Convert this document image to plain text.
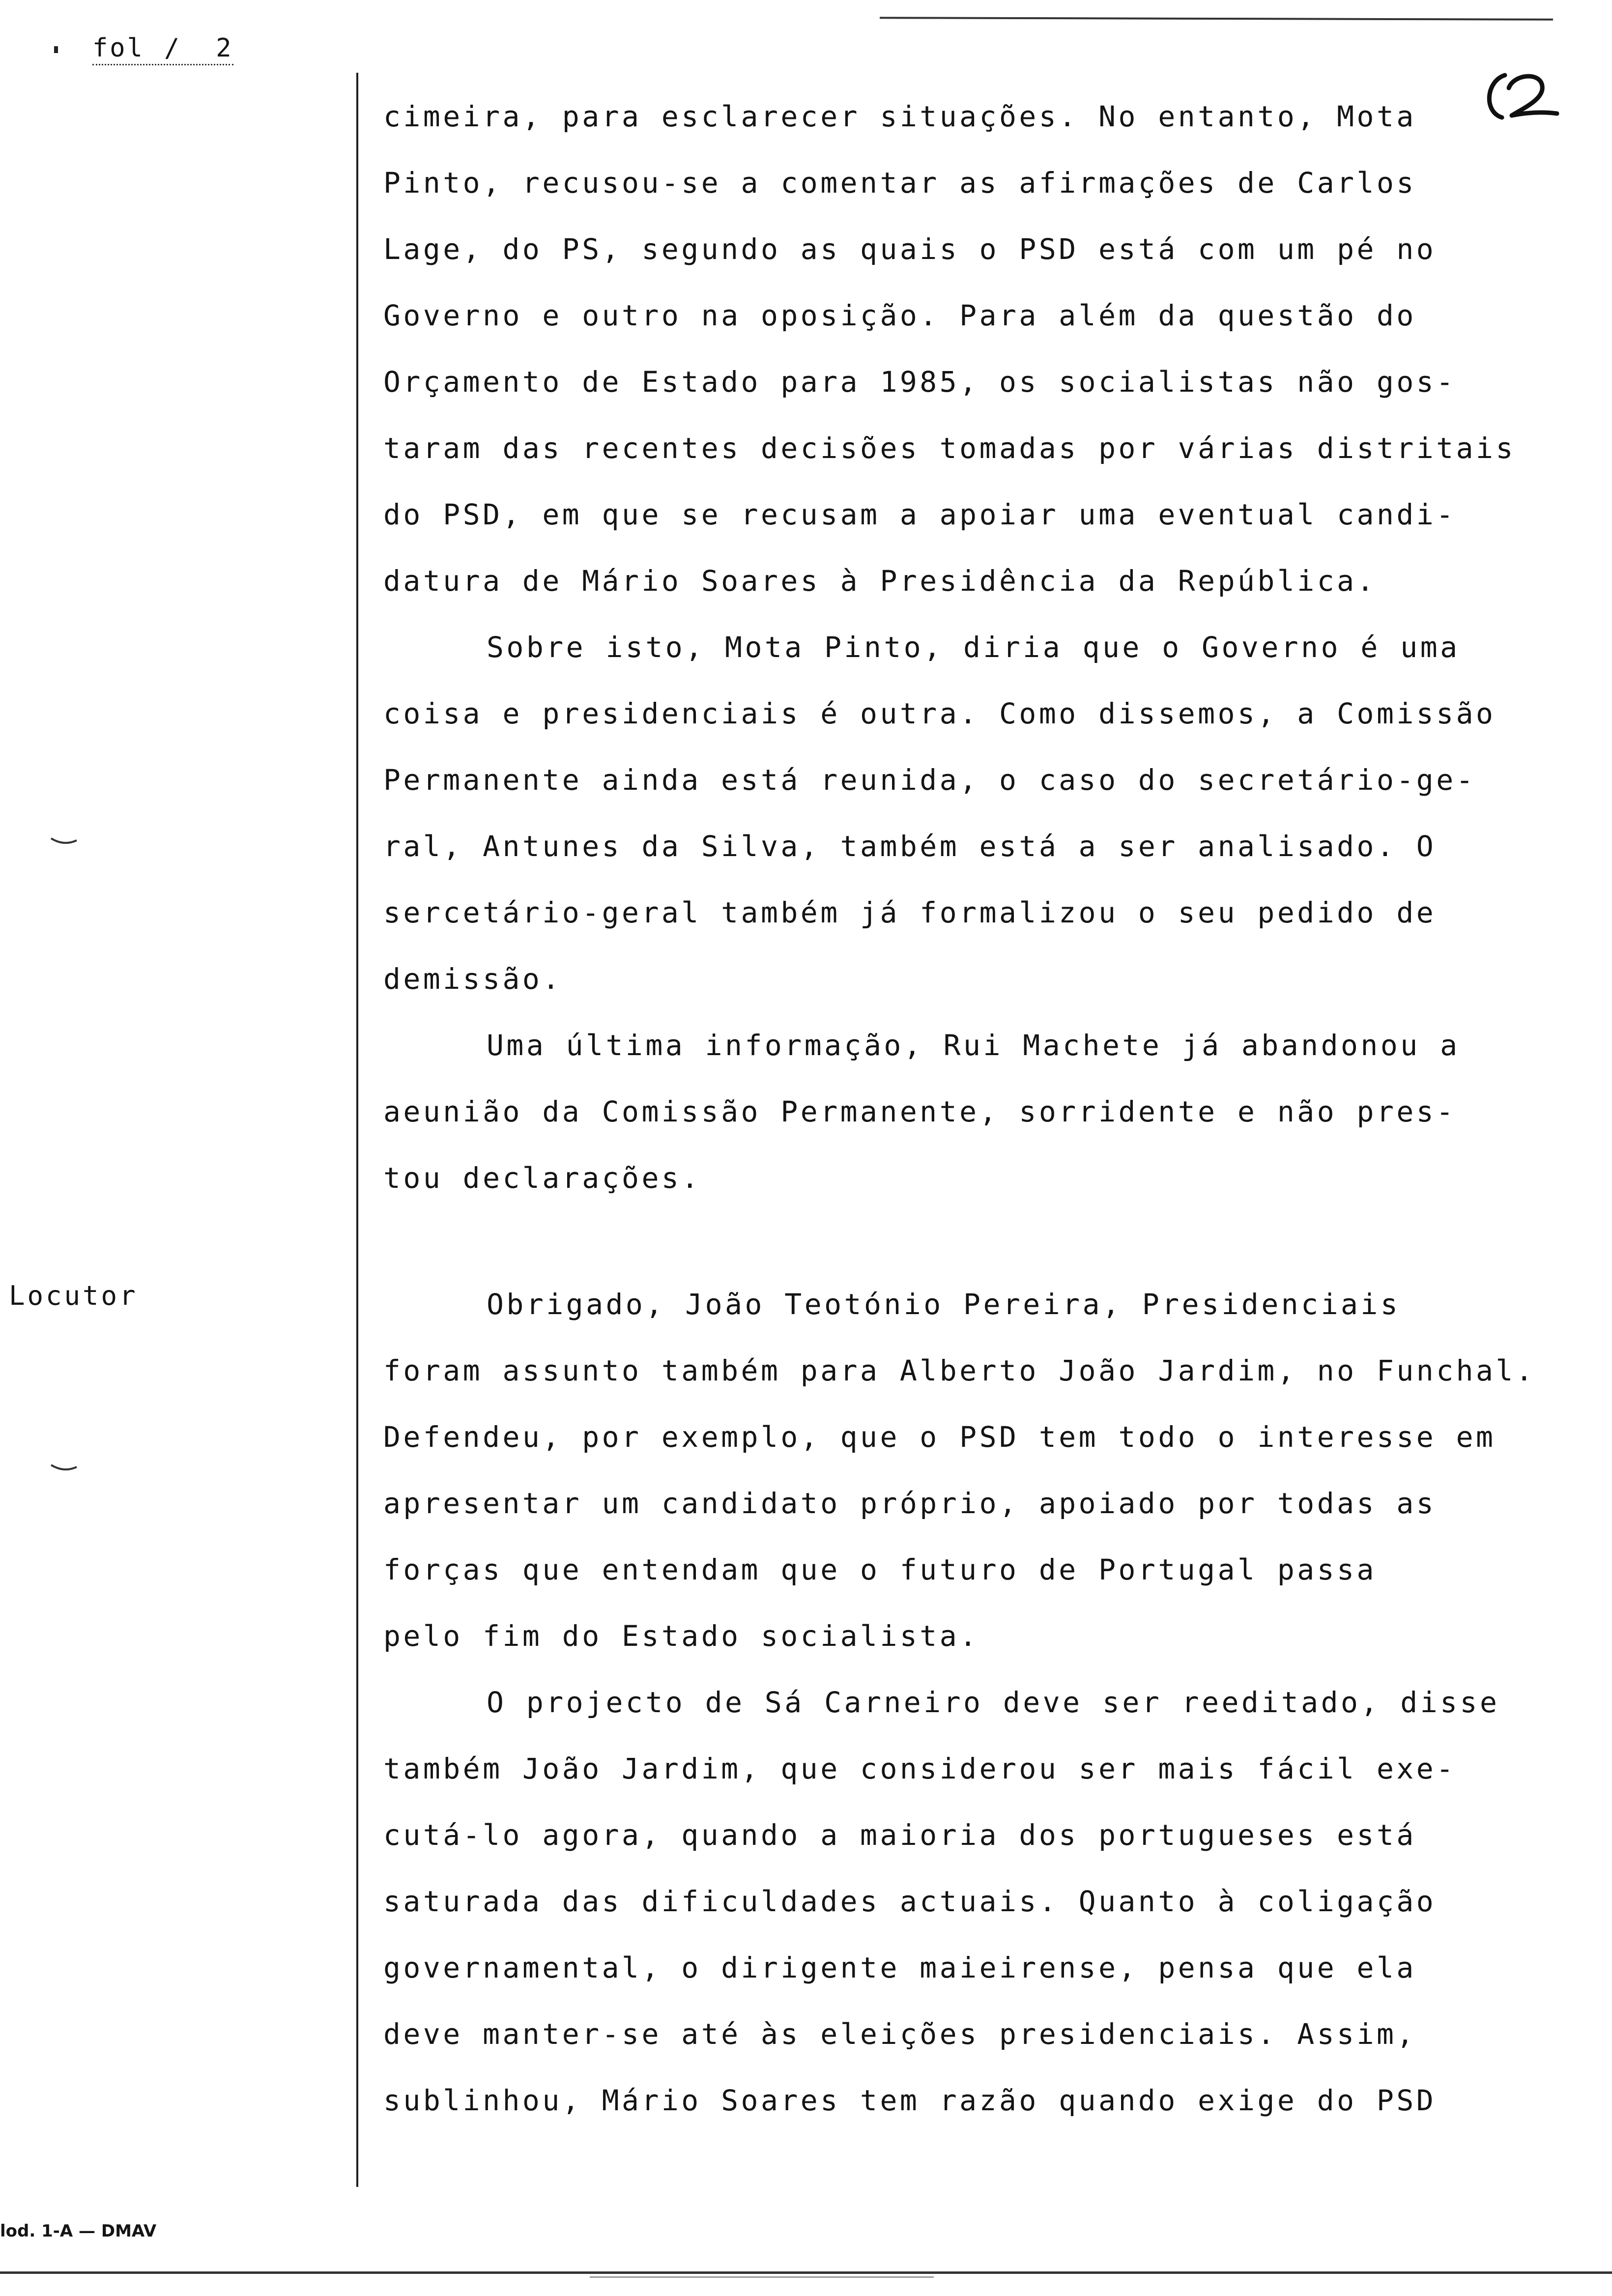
fol / 2
Locutor
cimeira, para esclarecer situações. No entanto, Mota
Pinto, recusou-se a comentar as afirmações de Carlos
Lage, do PS, segundo as quais o PSD está com um pé no
Governo e outro na oposição. Para além da questão do
Orçamento de Estado para 1985, os socialistas não gos-
taram das recentes decisões tomadas por várias distritais
do PSD, em que se recusam a apoiar uma eventual candi-
datura de Mário Soares à Presidência da República.
Sobre isto, Mota Pinto, diria que o Governo é uma
coisa e presidenciais é outra. Como dissemos, a Comissão
Permanente ainda está reunida, o caso do secretário-ge-
ral, Antunes da Silva, também está a ser analisado. O
sercetário-geral também já formalizou o seu pedido de
demissão.
Uma última informação, Rui Machete já abandonou a
aeunião da Comissão Permanente, sorridente e não pres-
tou declarações.
Obrigado, João Teotónio Pereira, Presidenciais
foram assunto também para Alberto João Jardim, no Funchal.
Defendeu, por exemplo, que o PSD tem todo o interesse em
apresentar um candidato próprio, apoiado por todas as
forças que entendam que o futuro de Portugal passa
pelo fim do Estado socialista.
O projecto de Sá Carneiro deve ser reeditado, disse
também João Jardim, que considerou ser mais fácil exe-
cutá-lo agora, quando a maioria dos portugueses está
saturada das dificuldades actuais. Quanto à coligação
governamental, o dirigente maieirense, pensa que ela
deve manter-se até às eleições presidenciais. Assim,
sublinhou, Mário Soares tem razão quando exige do PSD
lod. 1-A — DMAV
